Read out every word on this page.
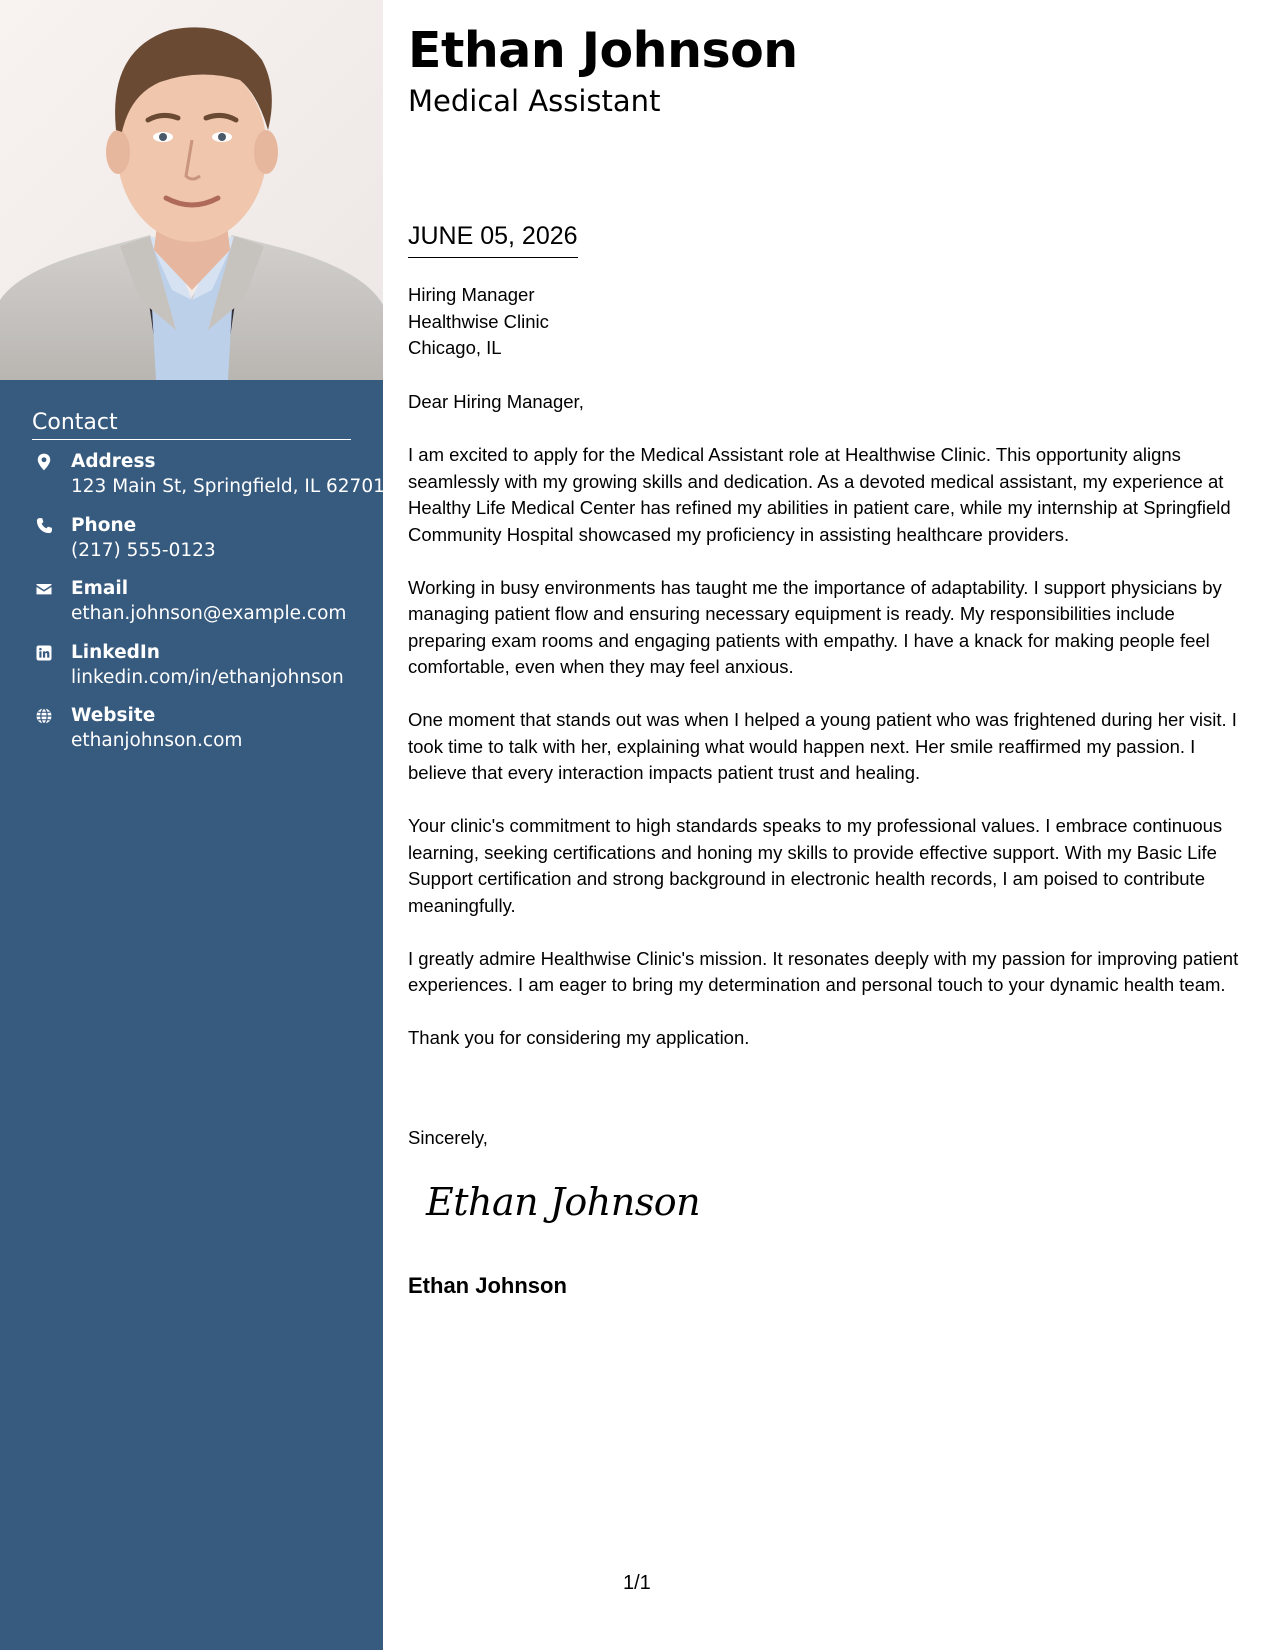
Contact
Address
123 Main St, Springfield, IL 62701
Phone
(217) 555-0123
Email
ethan.johnson@example.com
LinkedIn
linkedin.com/in/ethanjohnson
Website
ethanjohnson.com
Ethan Johnson
Medical Assistant
JUNE 05, 2026
Hiring Manager
Healthwise Clinic
Chicago, IL

Dear Hiring Manager,

I am excited to apply for the Medical Assistant role at Healthwise Clinic. This opportunity aligns seamlessly with my growing skills and dedication. As a devoted medical assistant, my experience at Healthy Life Medical Center has refined my abilities in patient care, while my internship at Springfield Community Hospital showcased my proficiency in assisting healthcare providers.

Working in busy environments has taught me the importance of adaptability. I support physicians by managing patient flow and ensuring necessary equipment is ready. My responsibilities include preparing exam rooms and engaging patients with empathy. I have a knack for making people feel comfortable, even when they may feel anxious.

One moment that stands out was when I helped a young patient who was frightened during her visit. I took time to talk with her, explaining what would happen next. Her smile reaffirmed my passion. I believe that every interaction impacts patient trust and healing.

Your clinic's commitment to high standards speaks to my professional values. I embrace continuous learning, seeking certifications and honing my skills to provide effective support. With my Basic Life Support certification and strong background in electronic health records, I am poised to contribute meaningfully.

I greatly admire Healthwise Clinic's mission. It resonates deeply with my passion for improving patient experiences. I am eager to bring my determination and personal touch to your dynamic health team.

Thank you for considering my application.

Sincerely,
Ethan Johnson
Ethan Johnson
1/1
